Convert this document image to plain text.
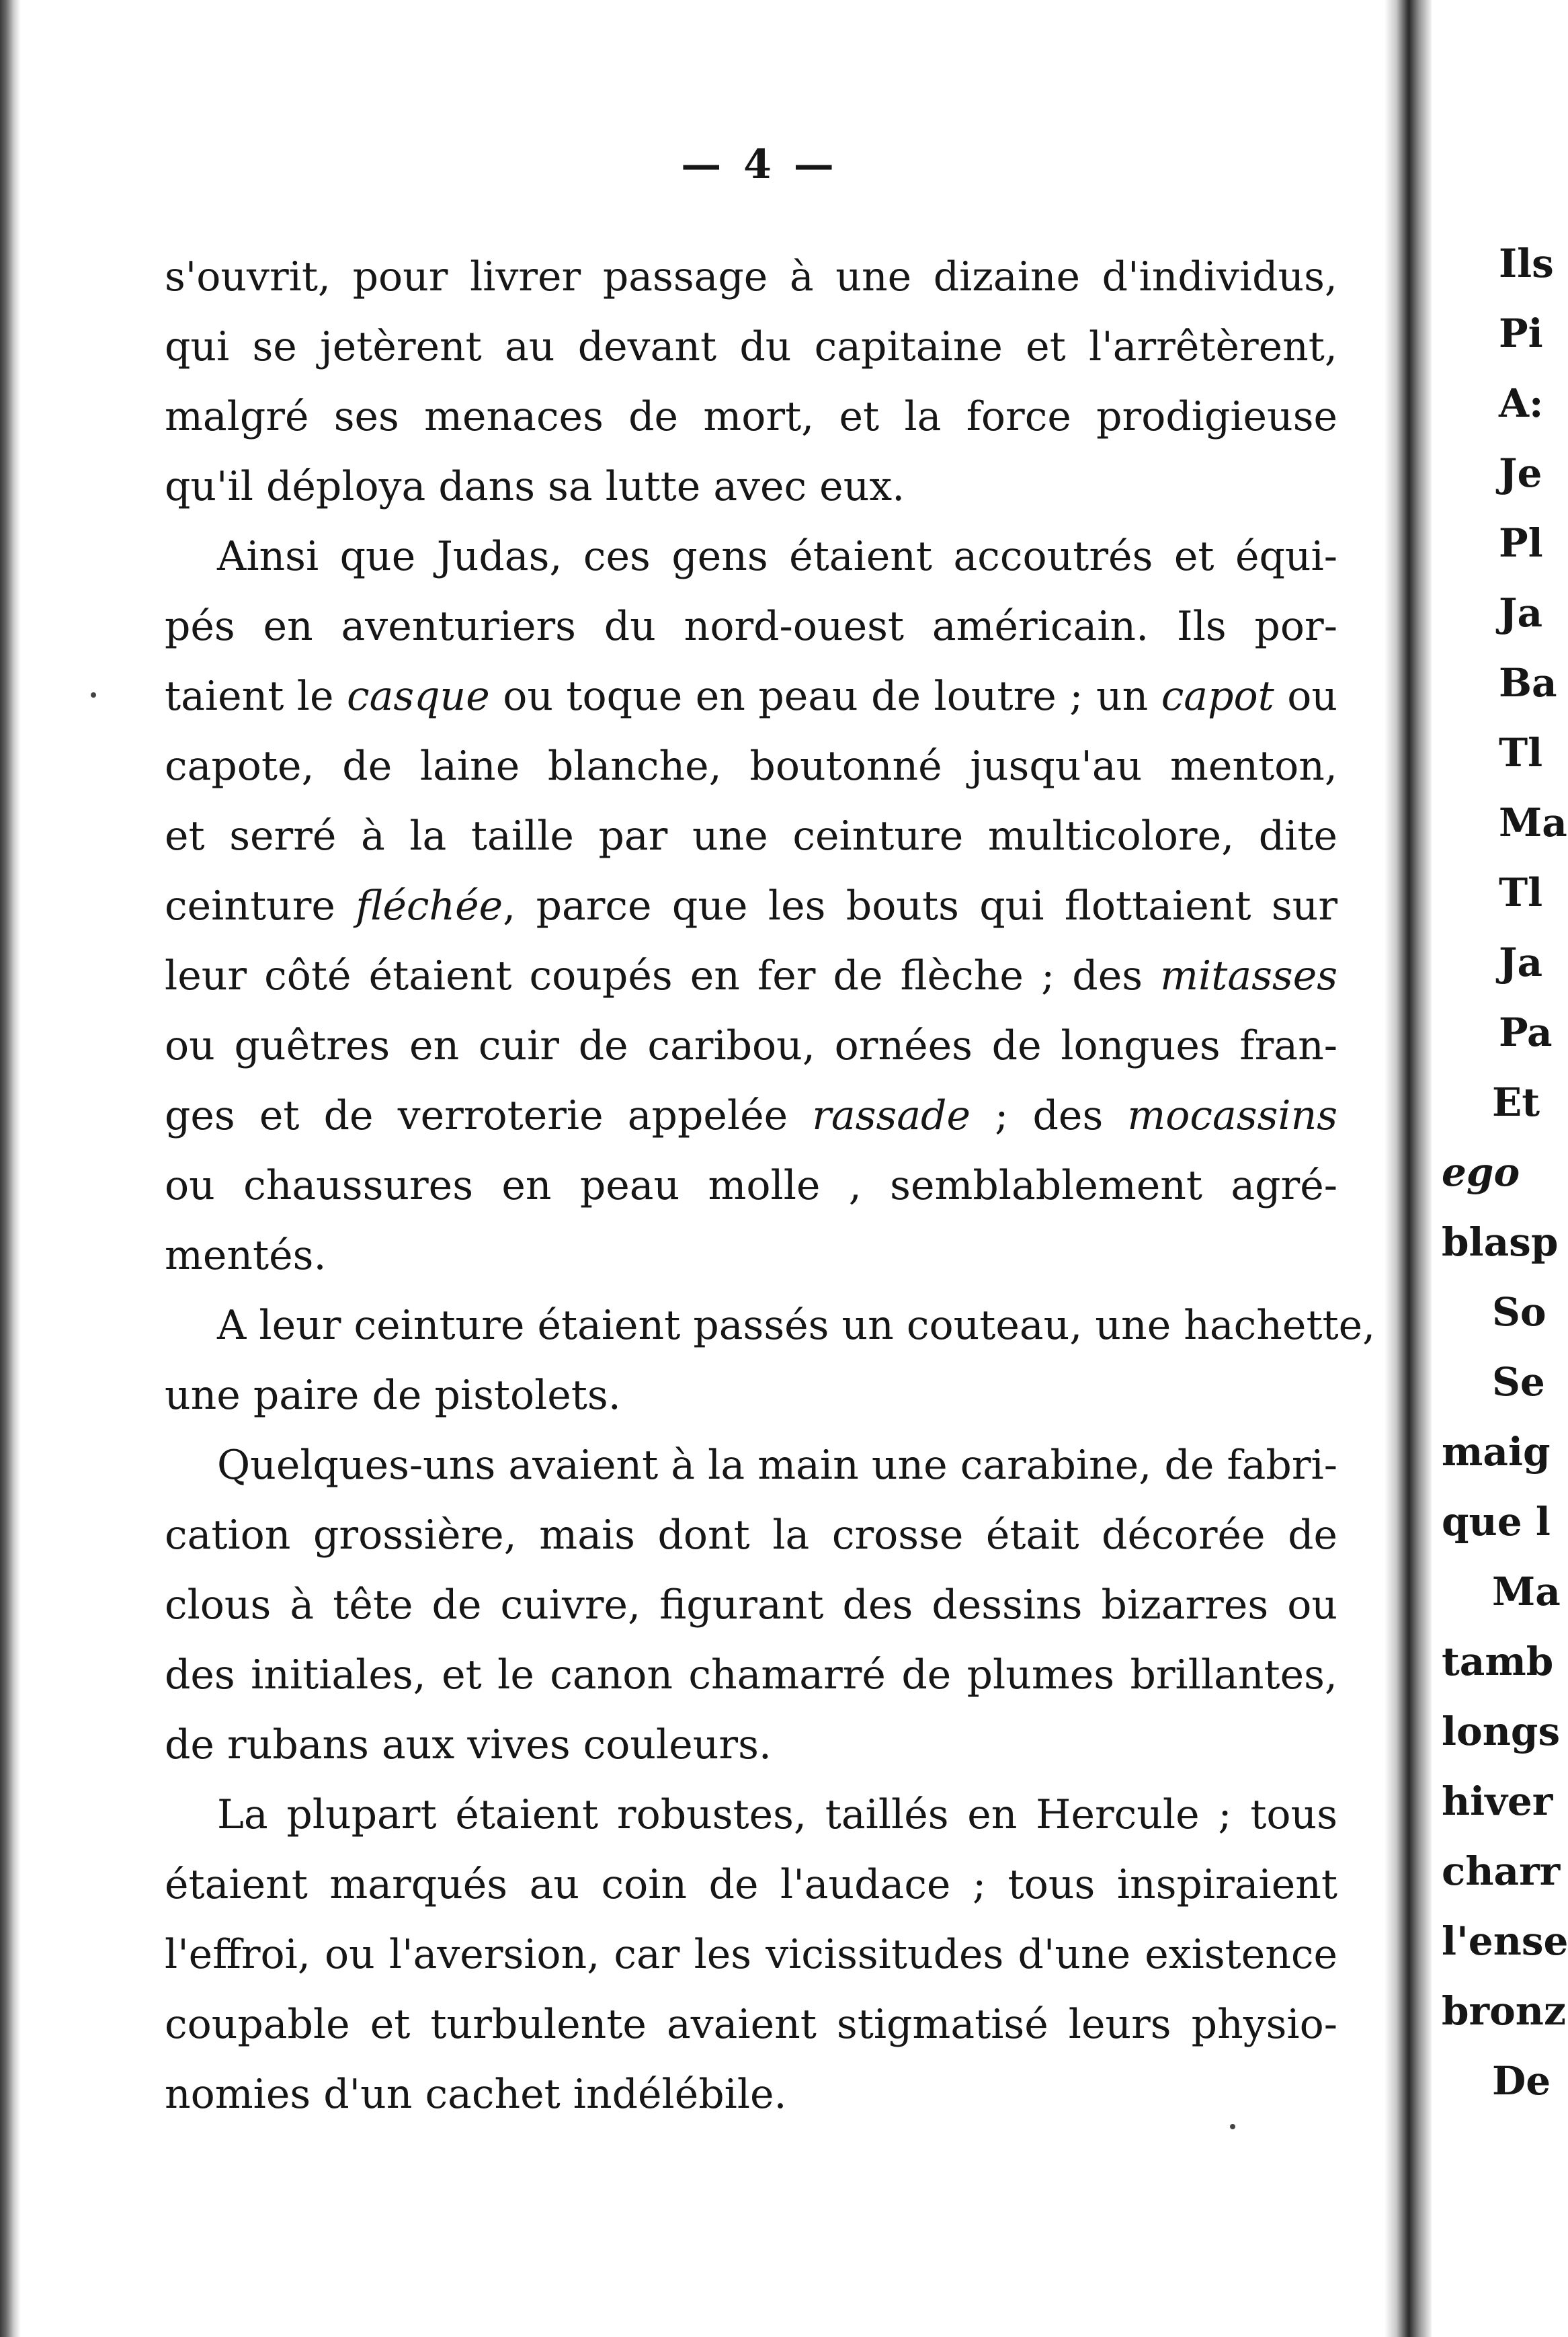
— 4 —

s'ouvrit, pour livrer passage à une dizaine d'individus,

qui se jetèrent au devant du capitaine et l'arrêtèrent,

malgré ses menaces de mort, et la force prodigieuse

qu'il déploya dans sa lutte avec eux.

Ainsi que Judas, ces gens étaient accoutrés et équi-

pés en aventuriers du nord-ouest américain. Ils por-

taient le casque ou toque en peau de loutre ; un capot ou

capote, de laine blanche, boutonné jusqu'au menton,

et serré à la taille par une ceinture multicolore, dite

ceinture fléchée, parce que les bouts qui flottaient sur

leur côté étaient coupés en fer de flèche ; des mitasses

ou guêtres en cuir de caribou, ornées de longues fran-

ges et de verroterie appelée rassade ; des mocassins

ou chaussures en peau molle , semblablement agré-

mentés.

A leur ceinture étaient passés un couteau, une hachette,

une paire de pistolets.

Quelques-uns avaient à la main une carabine, de fabri-

cation grossière, mais dont la crosse était décorée de

clous à tête de cuivre, figurant des dessins bizarres ou

des initiales, et le canon chamarré de plumes brillantes,

de rubans aux vives couleurs.

La plupart étaient robustes, taillés en Hercule ; tous

étaient marqués au coin de l'audace ; tous inspiraient

l'effroi, ou l'aversion, car les vicissitudes d'une existence

coupable et turbulente avaient stigmatisé leurs physio-

nomies d'un cachet indélébile.

Ils
Pi
A:
Je
Pl
Ja
Ba
Tl
Ma
Tl
Ja
Pa
Et
ego
blasp
So
Se
maig
que l
Ma
tamb
longs
hiver
charr
l'ense
bronz
De
